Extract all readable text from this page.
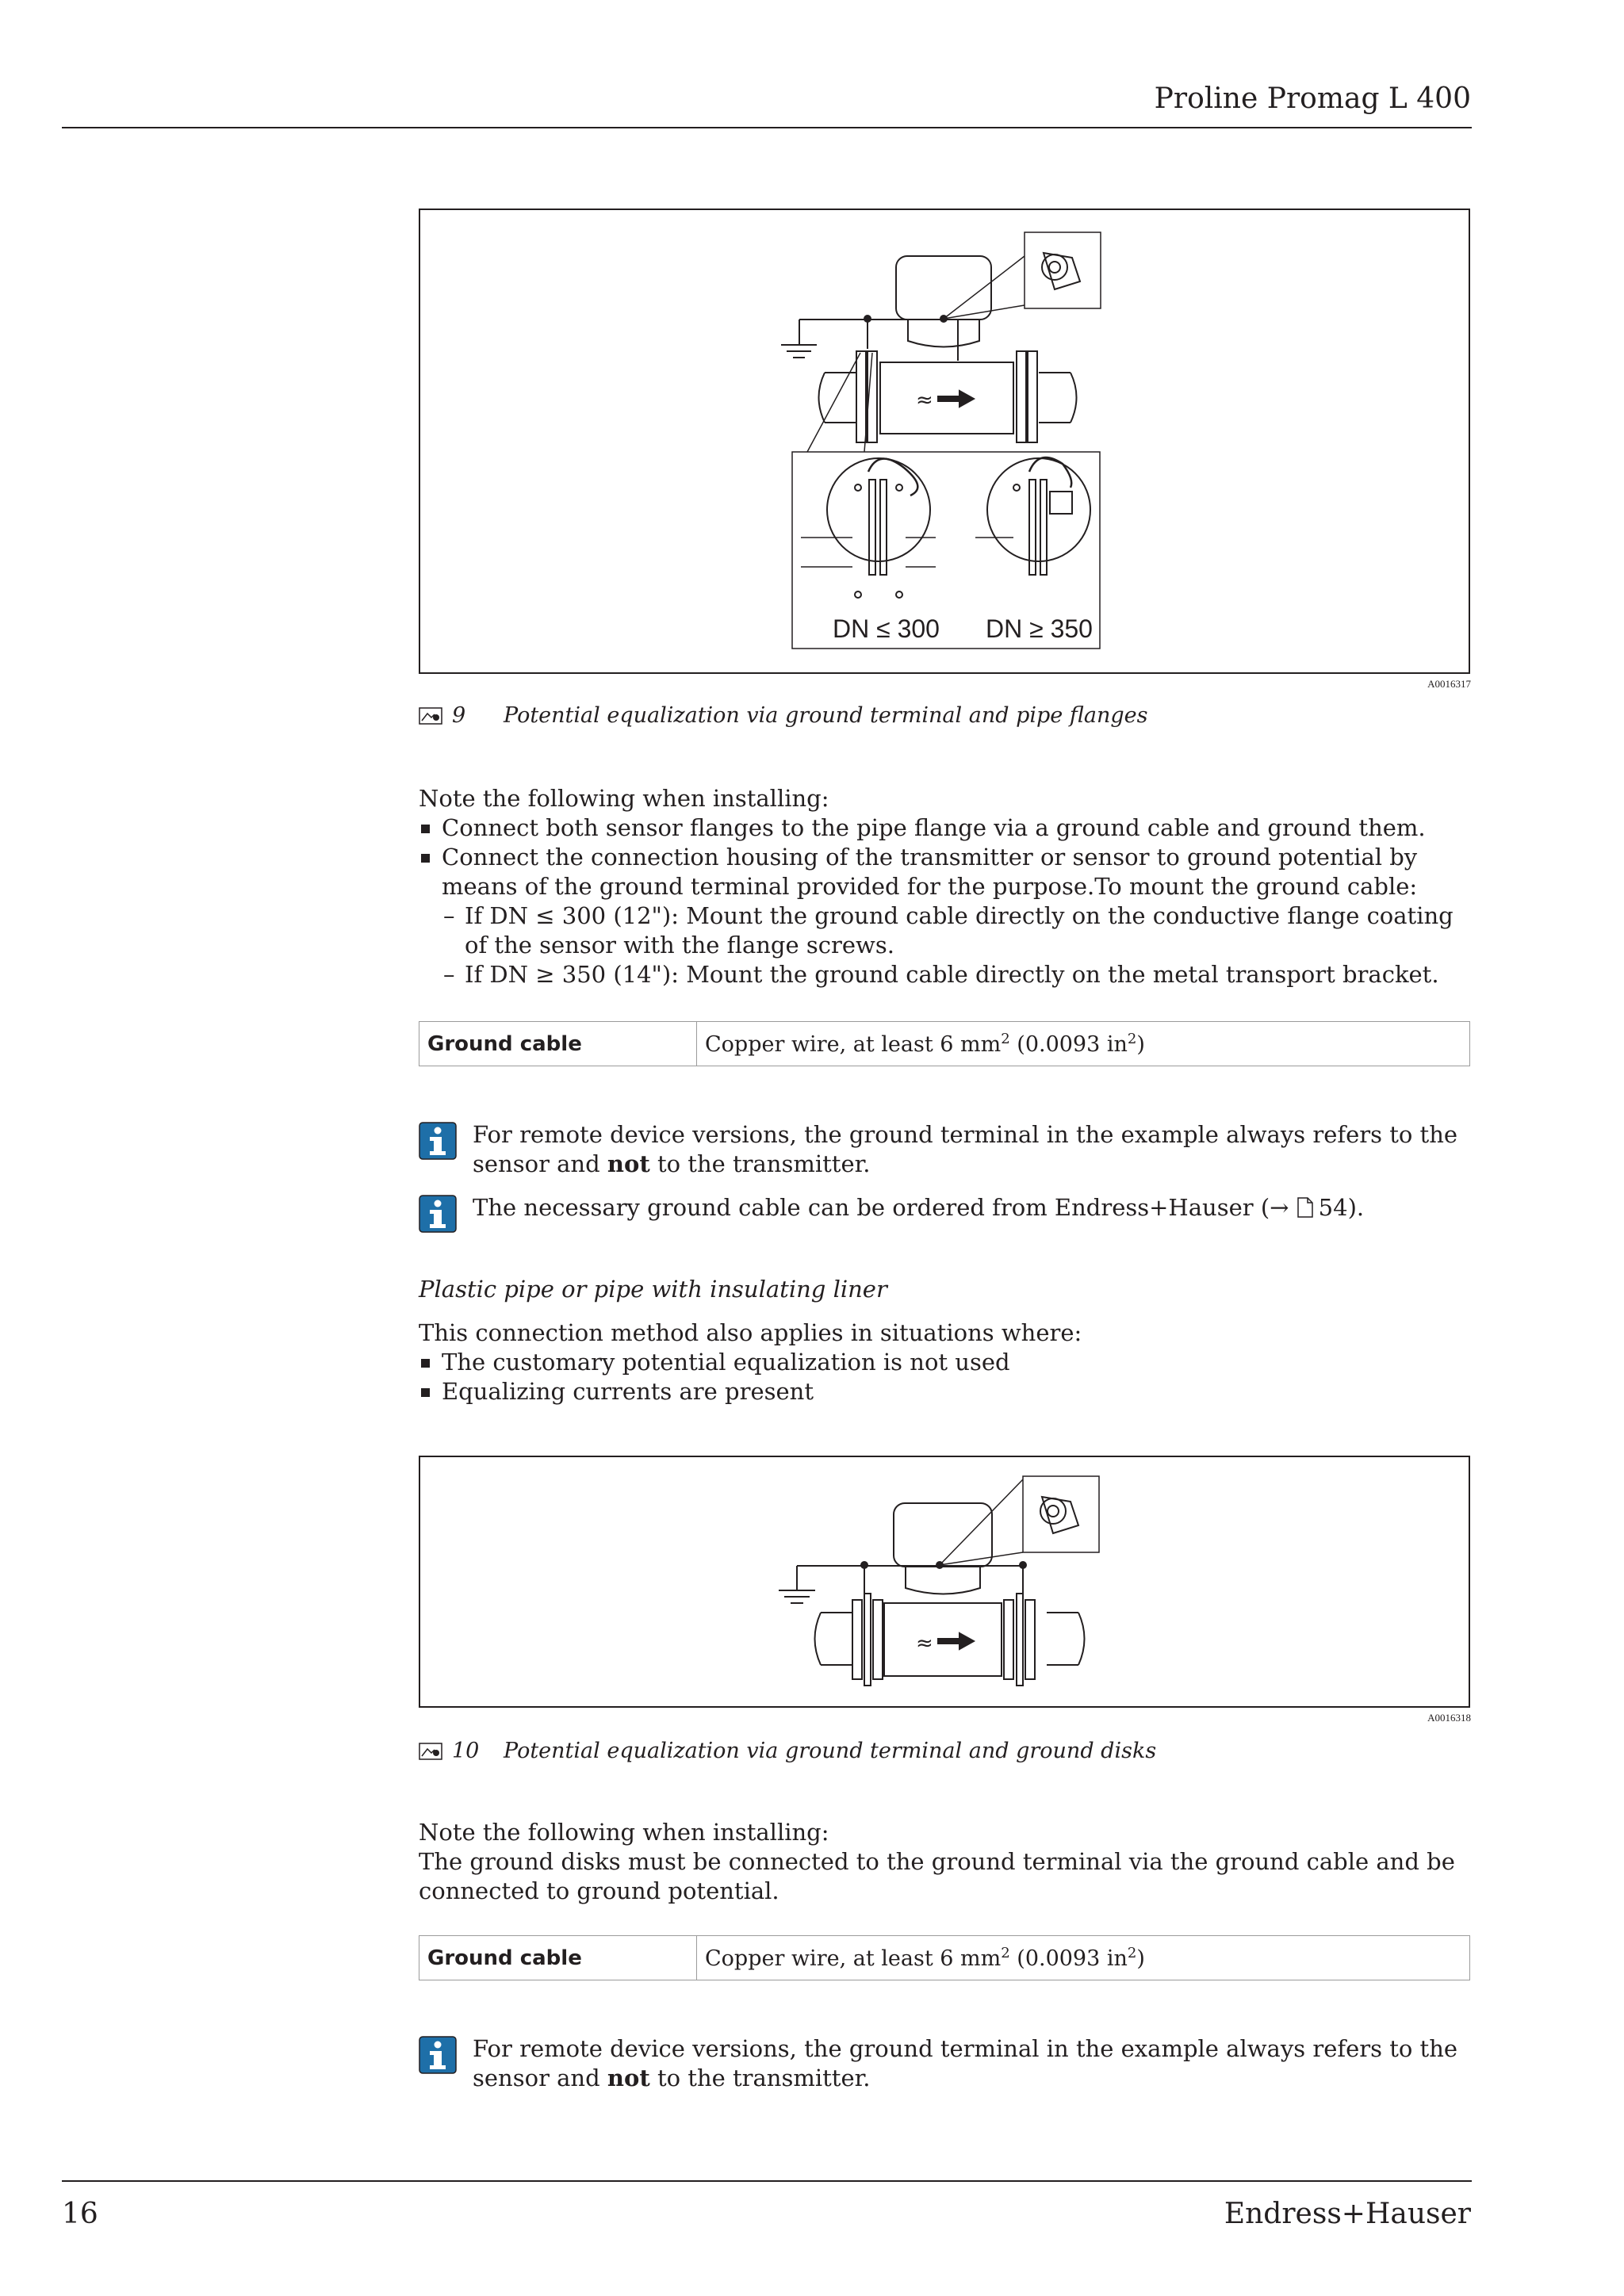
Proline Promag L 400
≈
DN ≤ 300 DN ≥ 350
A0016317
9	Potential equalization via ground terminal and pipe flanges
Note the following when installing:
Connect both sensor flanges to the pipe flange via a ground cable and ground them.
Connect the connection housing of the transmitter or sensor to ground potential by means of the ground terminal provided for the purpose.To mount the ground cable:
– If DN ≤ 300 (12"): Mount the ground cable directly on the conductive flange coating of the sensor with the flange screws.
– If DN ≥ 350 (14"): Mount the ground cable directly on the metal transport bracket.
Ground cable	Copper wire, at least 6 $mm^2$ (0.0093 $in^2$)
For remote device versions, the ground terminal in the example always refers to the sensor and not to the transmitter.
The necessary ground cable can be ordered from Endress+Hauser (→ 54).
Plastic pipe or pipe with insulating liner
This connection method also applies in situations where:
The customary potential equalization is not used
Equalizing currents are present
≈
A0016318
10	Potential equalization via ground terminal and ground disks
Note the following when installing:
The ground disks must be connected to the ground terminal via the ground cable and be connected to ground potential.
Ground cable	Copper wire, at least 6 $mm^2$ (0.0093 $in^2$)
For remote device versions, the ground terminal in the example always refers to the sensor and not to the transmitter.
16	Endress+Hauser
